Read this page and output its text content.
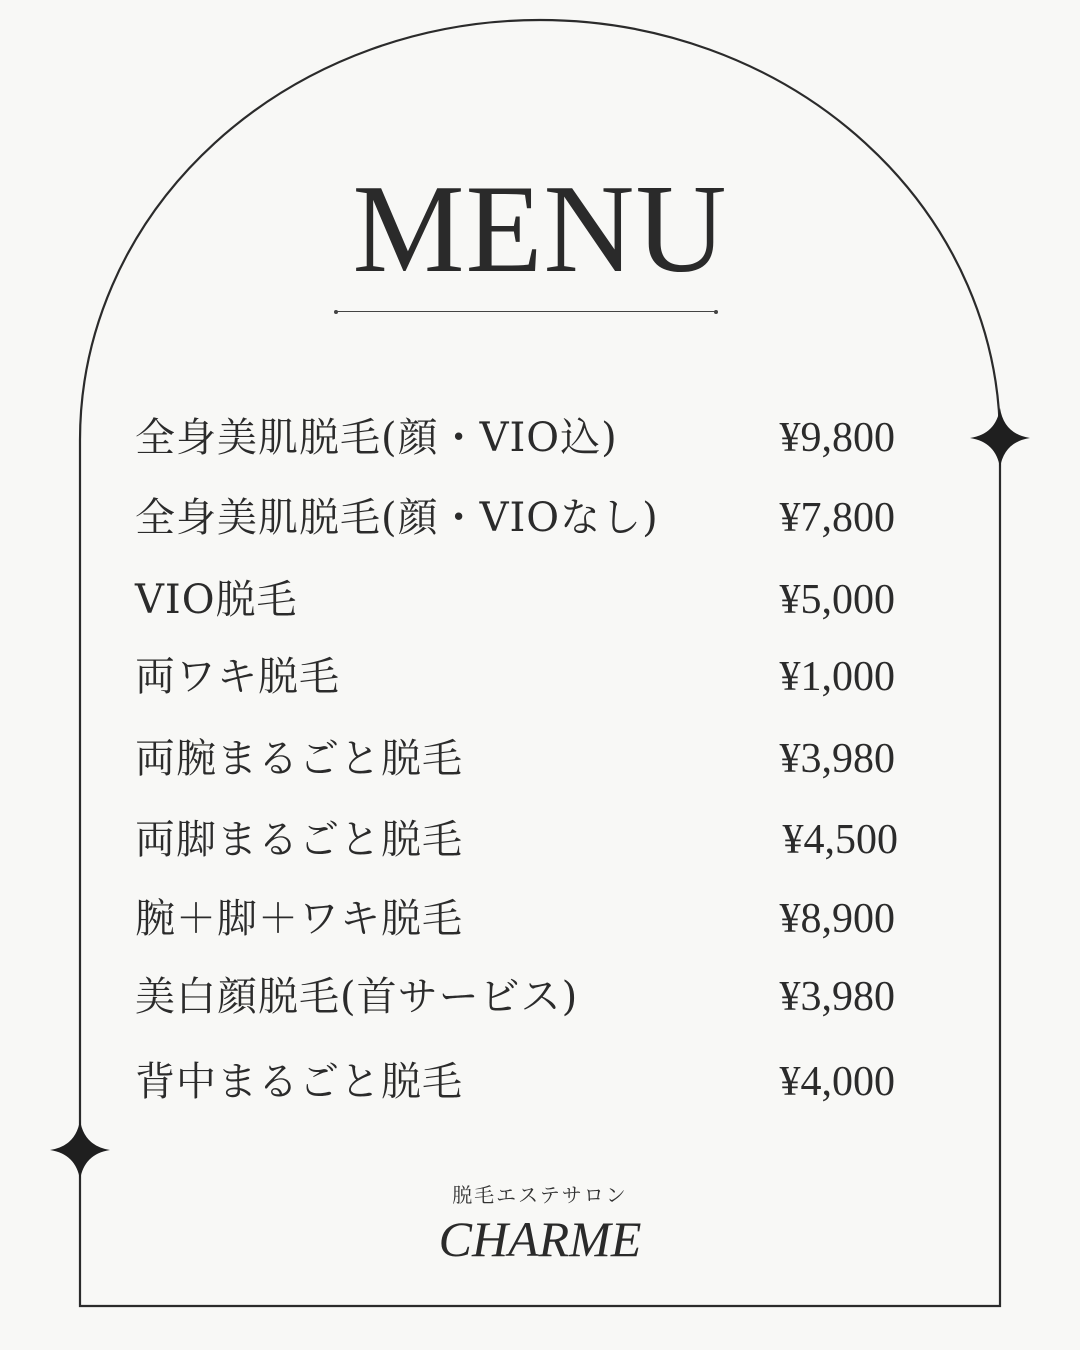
MENU
全身美肌脱毛(顔・VIO込)	¥9,800
全身美肌脱毛(顔・VIOなし)	¥7,800
VIO脱毛	¥5,000
両ワキ脱毛	¥1,000
両腕まるごと脱毛	¥3,980
両脚まるごと脱毛	¥4,500
腕＋脚＋ワキ脱毛	¥8,900
美白顔脱毛(首サービス)	¥3,980
背中まるごと脱毛	¥4,000
脱毛エステサロン
CHARME
